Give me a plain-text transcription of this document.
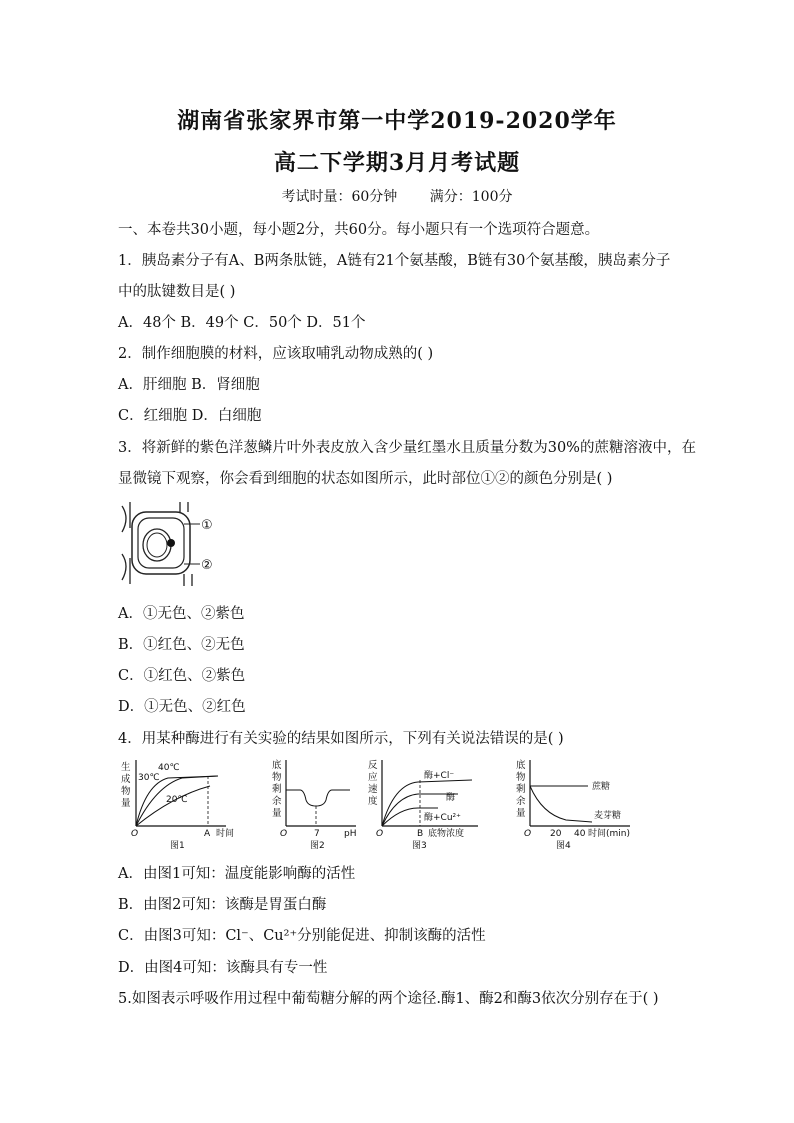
湖南省张家界市第一中学2019-2020学年
高二下学期3月月考试题
考试时量：60分钟 满分：100分
一、本卷共30小题，每小题2分，共60分。每小题只有一个选项符合题意。
1．胰岛素分子有A、B两条肽链，A链有21个氨基酸，B链有30个氨基酸，胰岛素分子
中的肽键数目是( )
A．48个 B．49个 C．50个 D．51个
2．制作细胞膜的材料，应该取哺乳动物成熟的( )
A．肝细胞 B．肾细胞
C．红细胞 D．白细胞
3．将新鲜的紫色洋葱鳞片叶外表皮放入含少量红墨水且质量分数为30%的蔗糖溶液中，在
显微镜下观察，你会看到细胞的状态如图所示，此时部位①②的颜色分别是( )
①
②
A．①无色、②紫色
B．①红色、②无色
C．①红色、②紫色
D．①无色、②红色
4．用某种酶进行有关实验的结果如图所示，下列有关说法错误的是( )
生
成
物
量
30℃
40℃
20℃
O	A 时间
图1
底
物
剩
余
量
O	7	pH
图2
反
应
速
度
酶+Cl⁻
酶
酶+Cu²⁺
O	B 底物浓度
图3
底
物
剩
余
量
蔗糖
麦芽糖
O 20 40 时间(min)
图4
A．由图1可知：温度能影响酶的活性
B．由图2可知：该酶是胃蛋白酶
C．由图3可知：Cl⁻、Cu²⁺分别能促进、抑制该酶的活性
D．由图4可知：该酶具有专一性
5.如图表示呼吸作用过程中葡萄糖分解的两个途径.酶1、酶2和酶3依次分别存在于( )
